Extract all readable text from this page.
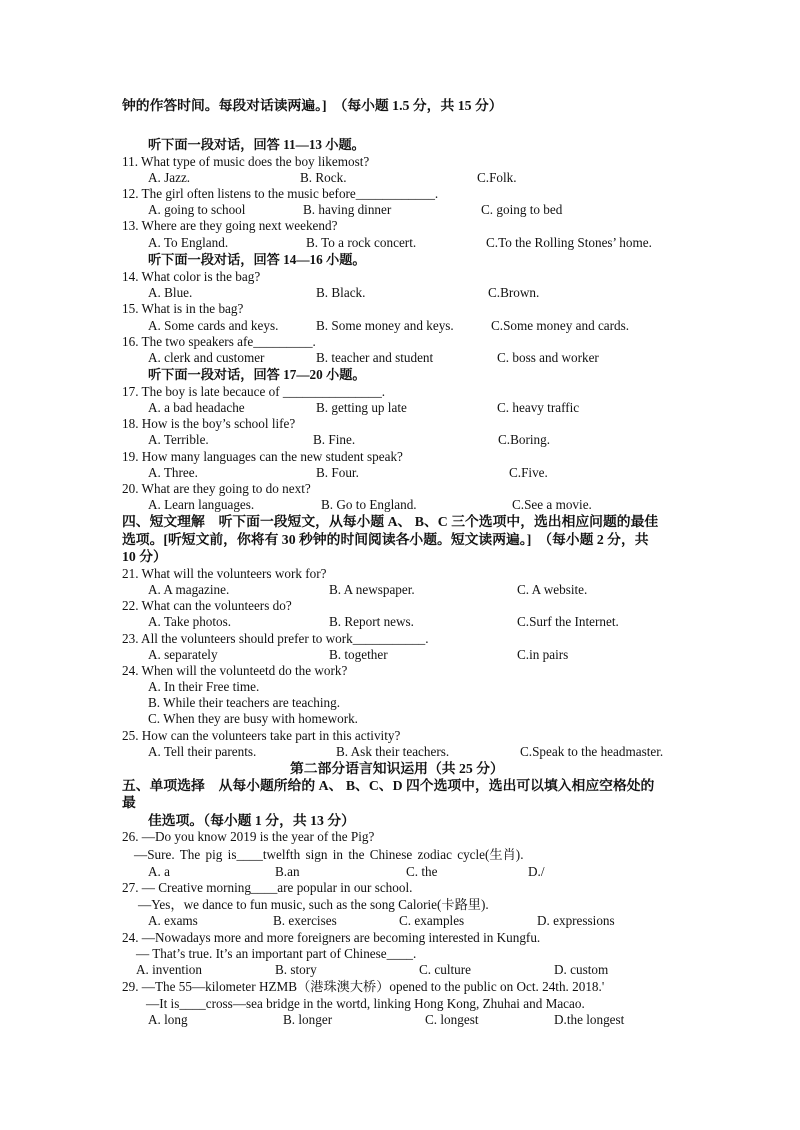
钟的作答时间。每段对话读两遍。]　（每小题 1.5 分，共 15 分）
听下面一段对话，回答 11—13 小题。
11. What type of music does the boy likemost?
A. Jazz.	B. Rock.	C.Folk.
12. The girl often listens to the music before____________.
A. going to school	B. having dinner	C. going to bed
13. Where are they going next weekend?
A. To England.	B. To a rock concert.	C.To the Rolling Stones’ home.
听下面一段对话，回答 14—16 小题。
14. What color is the bag?
A. Blue.	B. Black.	C.Brown.
15. What is in the bag?
A. Some cards and keys.	B. Some money and keys.	C.Some money and cards.
16. The two speakers afe_________.
A. clerk and customer	B. teacher and student	C. boss and worker
听下面一段对话，回答 17—20 小题。
17. The boy is late becauce of _______________.
A. a bad headache	B. getting up late	C. heavy traffic
18. How is the boy’s school life?
A. Terrible.	B. Fine.	C.Boring.
19. How many languages can the new student speak?
A. Three.	B. Four.	C.Five.
20. What are they going to do next?
A. Learn languages.	B. Go to England.	C.See a movie.
四、短文理解　听下面一段短文，从每小题 A、 B、C 三个选项中，选出相应问题的最佳
选项。[听短文前，你将有 30 秒钟的时间阅读各小题。短文读两遍。]　（每小题 2 分，共
10 分）
21. What will the volunteers work for?
A. A magazine.	B. A newspaper.	C. A website.
22. What can the volunteers do?
A. Take photos.	B. Report news.	C.Surf the Internet.
23. All the volunteers should prefer to work___________.
A. separately	B. together	C.in pairs
24. When will the volunteetd do the work?
A. In their Free time.
B. While their teachers are teaching.
C. When they are busy with homework.
25. How can the volunteers take part in this activity?
A. Tell their parents.	B. Ask their teachers.	C.Speak to the headmaster.
第二部分语言知识运用（共 25 分）
五、单项选择　从每小题所给的 A、 B、C、D 四个选项中，选出可以填入相应空格处的
最
佳选项。（每小题 1 分，共 13 分）
26. —Do you know 2019 is the year of the Pig?
—Sure. The pig is____twelfth sign in the Chinese zodiac cycle(生肖).
A. a	B.an	C. the	D./
27. — Creative morning____are popular in our school.
—Yes，we dance to fun music, such as the song Calorie(卡路里).
A. exams	B. exercises	C. examples	D. expressions
24. —Nowadays more and more foreigners are becoming interested in Kungfu.
— That’s true. It’s an important part of Chinese____.
A. invention	B. story	C. culture	D. custom
29. —The 55—kilometer HZMB（港珠澳大桥）opened to the public on Oct. 24th. 2018.'
—It is____cross—sea bridge in the wortd, linking Hong Kong, Zhuhai and Macao.
A. long	B. longer	C. longest	D.the longest
